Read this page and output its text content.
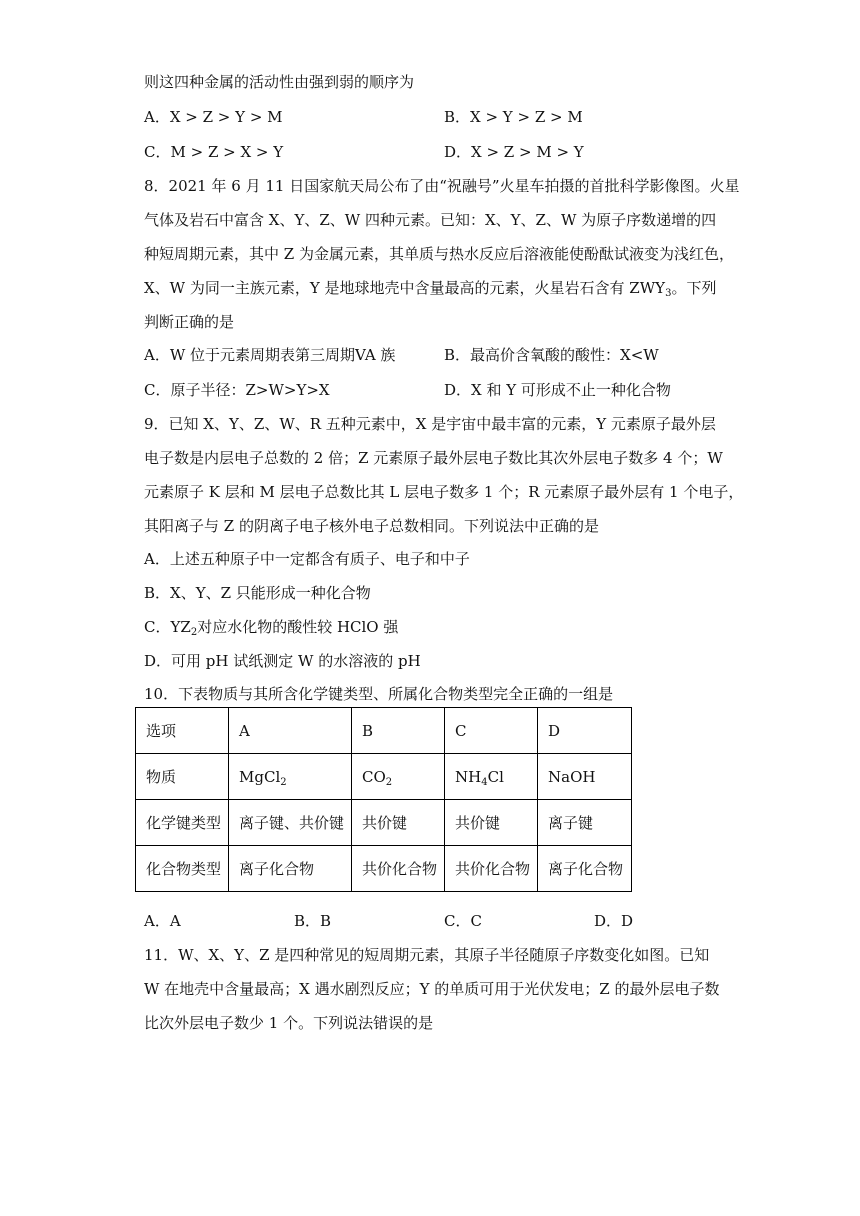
则这四种金属的活动性由强到弱的顺序为
A．X > Z > Y > M	B．X > Y > Z > M
C．M > Z > X > Y	D．X > Z > M > Y
8．2021 年 6 月 11 日国家航天局公布了由“祝融号”火星车拍摄的首批科学影像图。火星
气体及岩石中富含 X、Y、Z、W 四种元素。已知：X、Y、Z、W 为原子序数递增的四
种短周期元素，其中 Z 为金属元素，其单质与热水反应后溶液能使酚酞试液变为浅红色，
X、W 为同一主族元素，Y 是地球地壳中含量最高的元素，火星岩石含有 $ZWY_3$。下列
判断正确的是
A．W 位于元素周期表第三周期VA 族	B．最高价含氧酸的酸性：X<W
C．原子半径：Z>W>Y>X	D．X 和 Y 可形成不止一种化合物
9．已知 X、Y、Z、W、R 五种元素中，X 是宇宙中最丰富的元素，Y 元素原子最外层
电子数是内层电子总数的 2 倍；Z 元素原子最外层电子数比其次外层电子数多 4 个；W
元素原子 K 层和 M 层电子总数比其 L 层电子数多 1 个；R 元素原子最外层有 1 个电子，
其阳离子与 Z 的阴离子电子核外电子总数相同。下列说法中正确的是
A．上述五种原子中一定都含有质子、电子和中子
B．X、Y、Z 只能形成一种化合物
C．$YZ_2$对应水化物的酸性较 HClO 强
D．可用 pH 试纸测定 W 的水溶液的 pH
10．下表物质与其所含化学键类型、所属化合物类型完全正确的一组是
选项	A	B	C	D
物质	MgCl$_2$	$CO_2$	$NH_4Cl$	NaOH
化学键类型	离子键、共价键	共价键	共价键	离子键
化合物类型	离子化合物	共价化合物	共价化合物	离子化合物
A．A	B．B	C．C	D．D
11．W、X、Y、Z 是四种常见的短周期元素，其原子半径随原子序数变化如图。已知
W 在地壳中含量最高；X 遇水剧烈反应；Y 的单质可用于光伏发电；Z 的最外层电子数
比次外层电子数少 1 个。下列说法错误的是
